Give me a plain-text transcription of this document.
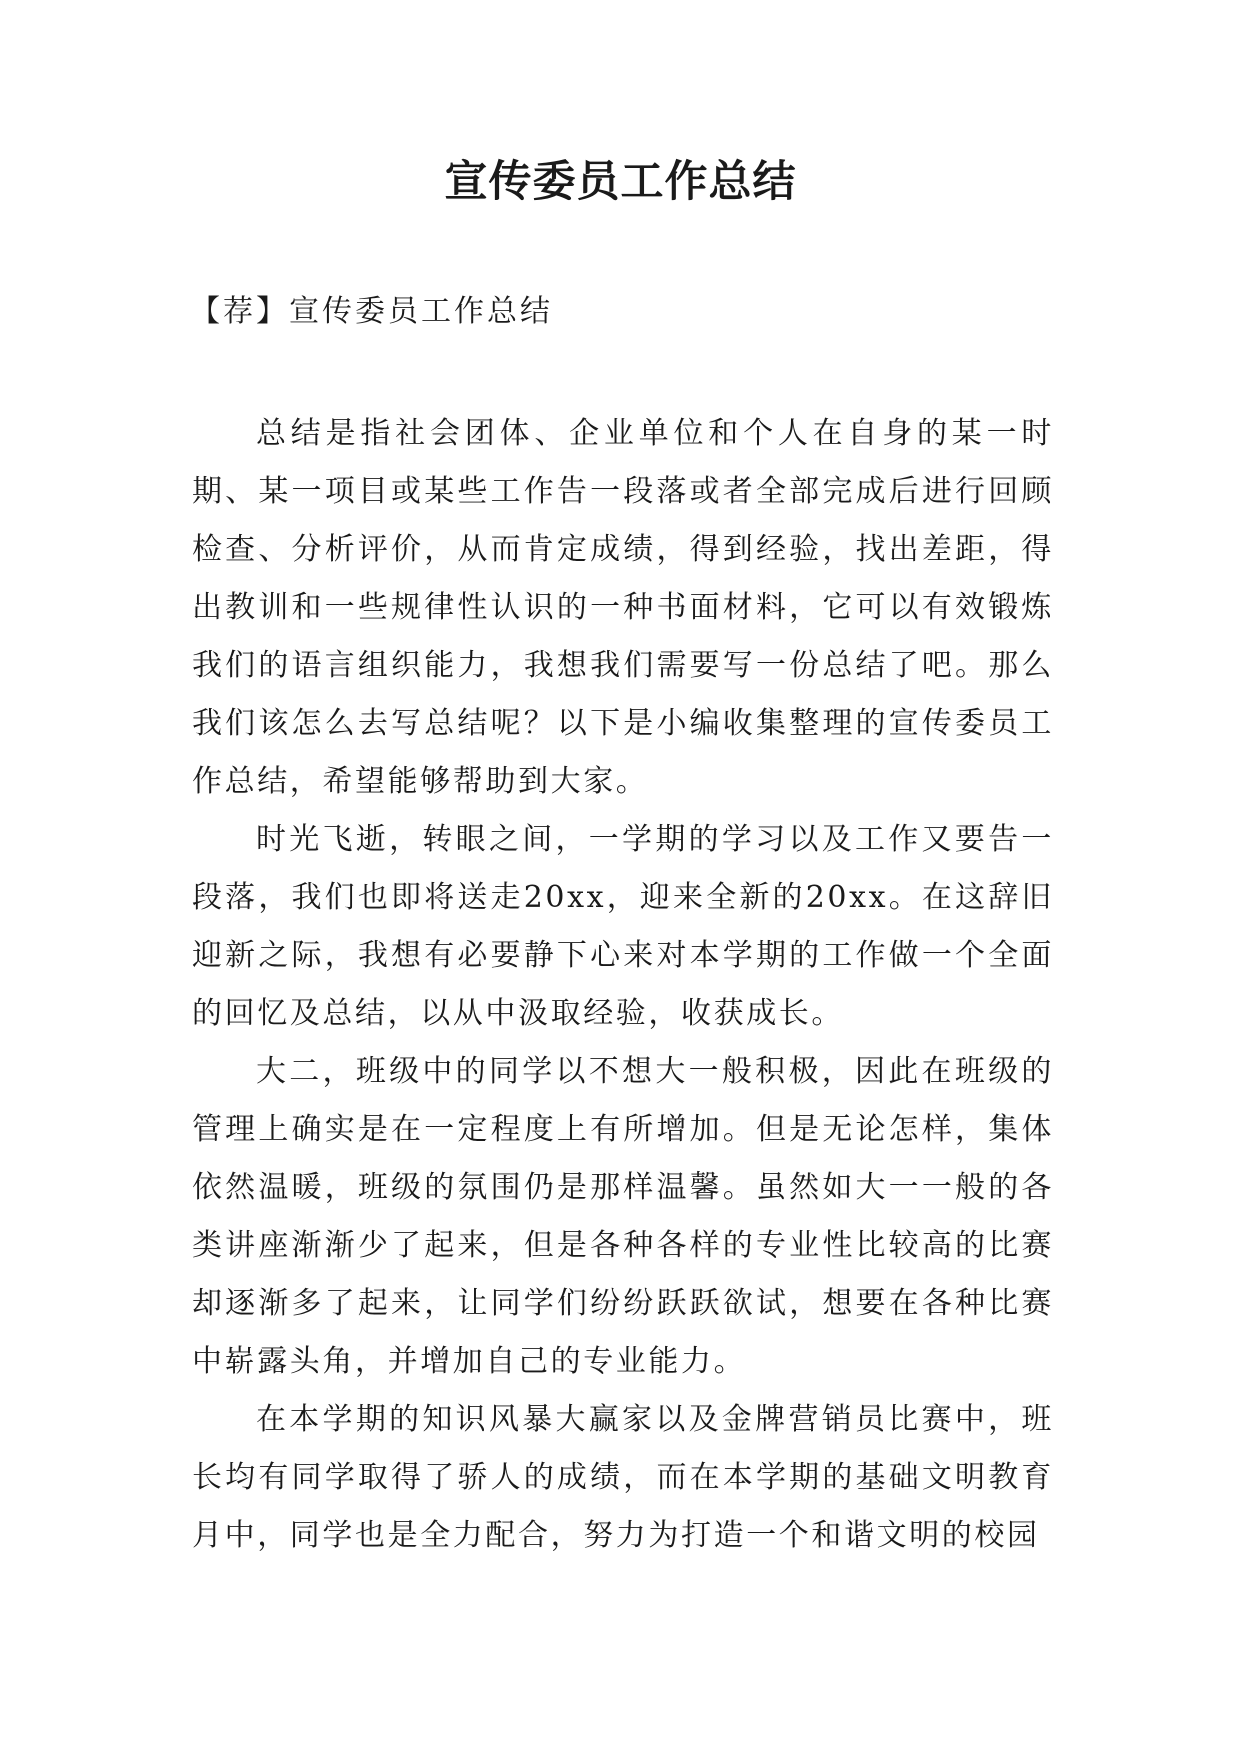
宣传委员工作总结
【荐】宣传委员工作总结

总结是指社会团体、企业单位和个人在自身的某一时期、某一项目或某些工作告一段落或者全部完成后进行回顾检查、分析评价，从而肯定成绩，得到经验，找出差距，得出教训和一些规律性认识的一种书面材料，它可以有效锻炼我们的语言组织能力，我想我们需要写一份总结了吧。那么我们该怎么去写总结呢？以下是小编收集整理的宣传委员工作总结，希望能够帮助到大家。

时光飞逝，转眼之间，一学期的学习以及工作又要告一段落，我们也即将送走20xx，迎来全新的20xx。在这辞旧迎新之际，我想有必要静下心来对本学期的工作做一个全面的回忆及总结，以从中汲取经验，收获成长。

大二，班级中的同学以不想大一般积极，因此在班级的管理上确实是在一定程度上有所增加。但是无论怎样，集体依然温暖，班级的氛围仍是那样温馨。虽然如大一一般的各类讲座渐渐少了起来，但是各种各样的专业性比较高的比赛却逐渐多了起来，让同学们纷纷跃跃欲试，想要在各种比赛中崭露头角，并增加自己的专业能力。

在本学期的知识风暴大赢家以及金牌营销员比赛中，班长均有同学取得了骄人的成绩，而在本学期的基础文明教育月中，同学也是全力配合，努力为打造一个和谐文明的校园
